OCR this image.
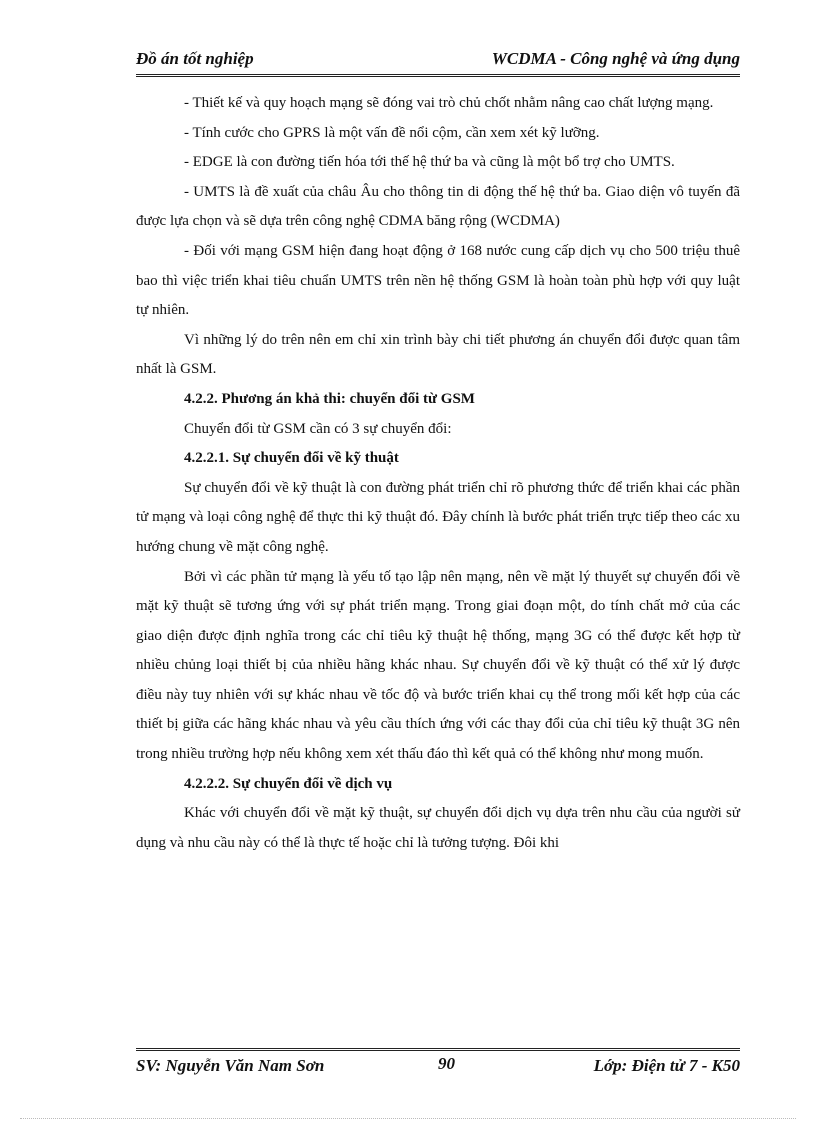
Đồ án tốt nghiệp	WCDMA - Công nghệ và ứng dụng

- Thiết kế và quy hoạch mạng sẽ đóng vai trò chủ chốt nhằm nâng cao chất lượng mạng.

- Tính cước cho GPRS là một vấn đề nổi cộm, cần xem xét kỹ lưỡng.

- EDGE là con đường tiến hóa tới thế hệ thứ ba và cũng là một bổ trợ cho UMTS.

- UMTS là đề xuất của châu Âu cho thông tin di động thế hệ thứ ba. Giao diện vô tuyến đã được lựa chọn và sẽ dựa trên công nghệ CDMA băng rộng (WCDMA)

- Đối với mạng GSM hiện đang hoạt động ở 168 nước cung cấp dịch vụ cho 500 triệu thuê bao thì việc triển khai tiêu chuẩn UMTS trên nền hệ thống GSM là hoàn toàn phù hợp với quy luật tự nhiên.

Vì những lý do trên nên em chỉ xin trình bày chi tiết phương án chuyển đổi được quan tâm nhất là GSM.

4.2.2. Phương án khả thi: chuyển đổi từ GSM

Chuyển đổi từ GSM cần có 3 sự chuyển đổi:

4.2.2.1. Sự chuyển đổi về kỹ thuật

Sự chuyển đổi về kỹ thuật là con đường phát triển chỉ rõ phương thức để triển khai các phần tử mạng và loại công nghệ để thực thi kỹ thuật đó. Đây chính là bước phát triển trực tiếp theo các xu hướng chung về mặt công nghệ.

Bởi vì các phần tử mạng là yếu tố tạo lập nên mạng, nên về mặt lý thuyết sự chuyển đổi về mặt kỹ thuật sẽ tương ứng với sự phát triển mạng. Trong giai đoạn một, do tính chất mở của các giao diện được định nghĩa trong các chỉ tiêu kỹ thuật hệ thống, mạng 3G có thể được kết hợp từ nhiều chủng loại thiết bị của nhiều hãng khác nhau. Sự chuyển đổi về kỹ thuật có thể xử lý được điều này tuy nhiên với sự khác nhau về tốc độ và bước triển khai cụ thể trong mối kết hợp của các thiết bị giữa các hãng khác nhau và yêu cầu thích ứng với các thay đổi của chỉ tiêu kỹ thuật 3G nên trong nhiều trường hợp nếu không xem xét thấu đáo thì kết quả có thể không như mong muốn.

4.2.2.2. Sự chuyển đổi về dịch vụ

Khác với chuyển đổi về mặt kỹ thuật, sự chuyển đổi dịch vụ dựa trên nhu cầu của người sử dụng và nhu cầu này có thể là thực tế hoặc chỉ là tưởng tượng. Đôi khi

SV: Nguyễn Văn Nam Sơn	90	Lớp: Điện tử 7 - K50
